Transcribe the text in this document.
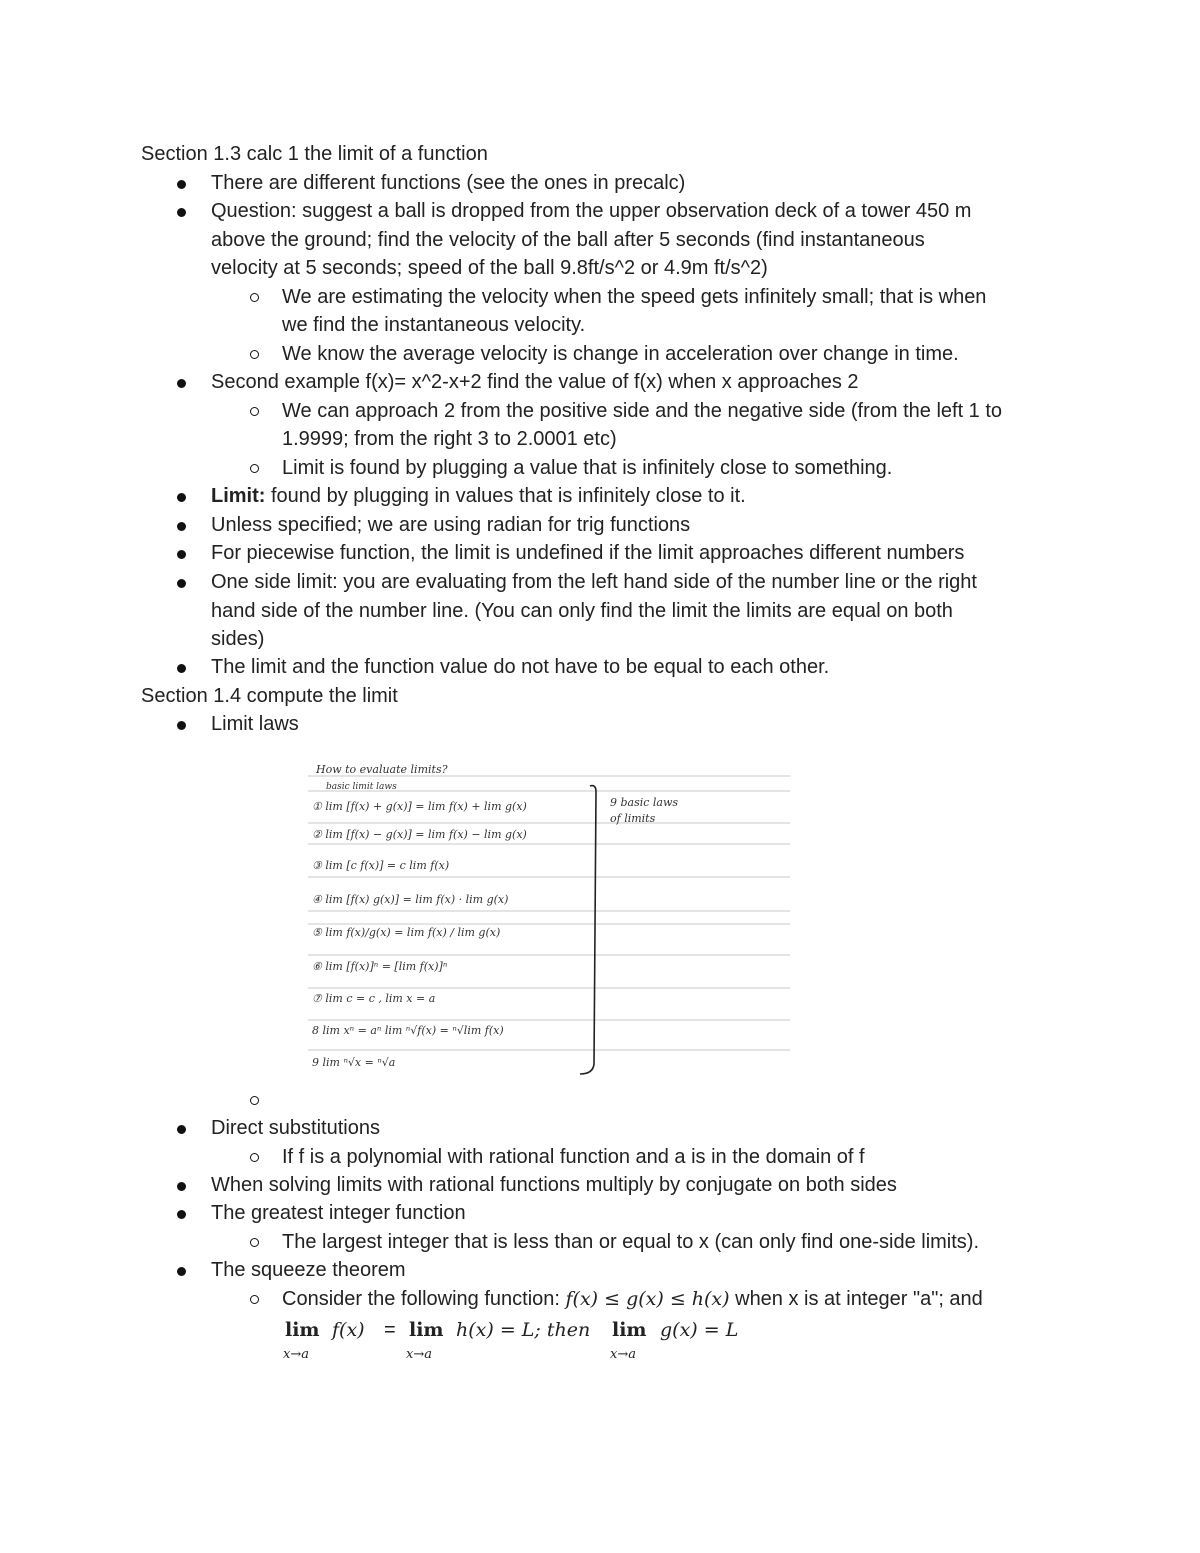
Section 1.3 calc 1 the limit of a function
There are different functions (see the ones in precalc)
Question: suggest a ball is dropped from the upper observation deck of a tower 450 m
above the ground; find the velocity of the ball after 5 seconds (find instantaneous
velocity at 5 seconds; speed of the ball 9.8ft/s^2 or 4.9m ft/s^2)
We are estimating the velocity when the speed gets infinitely small; that is when
we find the instantaneous velocity.
We know the average velocity is change in acceleration over change in time.
Second example f(x)= x^2-x+2 find the value of f(x) when x approaches 2
We can approach 2 from the positive side and the negative side (from the left 1 to
1.9999; from the right 3 to 2.0001 etc)
Limit is found by plugging a value that is infinitely close to something.
Limit: found by plugging in values that is infinitely close to it.
Unless specified; we are using radian for trig functions
For piecewise function, the limit is undefined if the limit approaches different numbers
One side limit: you are evaluating from the left hand side of the number line or the right
hand side of the number line. (You can only find the limit the limits are equal on both
sides)
The limit and the function value do not have to be equal to each other.
Section 1.4 compute the limit
Limit laws
How to evaluate limits?
basic limit laws
9 basic laws
of limits
① lim [f(x) + g(x)] = lim f(x) + lim g(x)
② lim [f(x) − g(x)] = lim f(x) − lim g(x)
③ lim [c f(x)] = c lim f(x)
④ lim [f(x) g(x)] = lim f(x) · lim g(x)
⑤ lim f(x)/g(x) = lim f(x) / lim g(x)
⑥ lim [f(x)]ⁿ = [lim f(x)]ⁿ
⑦ lim c = c , lim x = a
8 lim xⁿ = aⁿ lim ⁿ√f(x) = ⁿ√lim f(x)
9 lim ⁿ√x = ⁿ√a
Direct substitutions
If f is a polynomial with rational function and a is in the domain of f
When solving limits with rational functions multiply by conjugate on both sides
The greatest integer function
The largest integer that is less than or equal to x (can only find one-side limits).
The squeeze theorem
Consider the following function: f(x) ≤ g(x) ≤ h(x) when x is at integer "a"; and
lim f(x) = lim h(x) = L; then lim g(x) = L
x→a	x→a	x→a
